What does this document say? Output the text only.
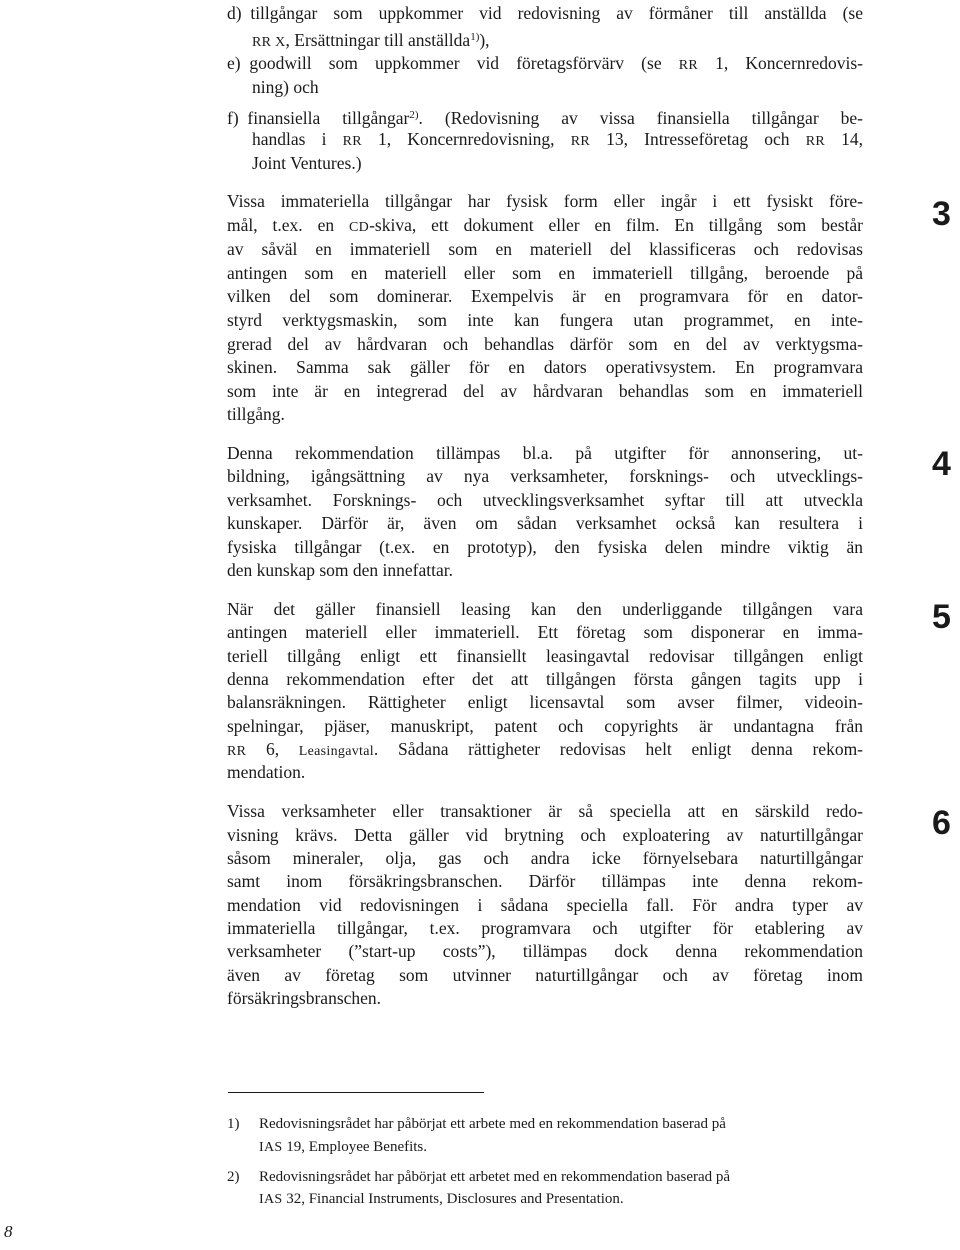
d) tillgångar som uppkommer vid redovisning av förmåner till anställda (se
RR X, Ersättningar till anställda$^{1)}$),
e) goodwill som uppkommer vid företagsförvärv (se RR 1, Koncernredovis-
ning) och
f) finansiella tillgångar$^{2)}$. (Redovisning av vissa finansiella tillgångar be-
handlas i RR 1, Koncernredovisning, RR 13, Intresseföretag och RR 14,
Joint Ventures.)
3
Vissa immateriella tillgångar har fysisk form eller ingår i ett fysiskt före-
mål, t.ex. en CD-skiva, ett dokument eller en film. En tillgång som består
av såväl en immateriell som en materiell del klassificeras och redovisas
antingen som en materiell eller som en immateriell tillgång, beroende på
vilken del som dominerar. Exempelvis är en programvara för en dator-
styrd verktygsmaskin, som inte kan fungera utan programmet, en inte-
grerad del av hårdvaran och behandlas därför som en del av verktygsma-
skinen. Samma sak gäller för en dators operativsystem. En programvara
som inte är en integrerad del av hårdvaran behandlas som en immateriell
tillgång.
4
Denna rekommendation tillämpas bl.a. på utgifter för annonsering, ut-
bildning, igångsättning av nya verksamheter, forsknings- och utvecklings-
verksamhet. Forsknings- och utvecklingsverksamhet syftar till att utveckla
kunskaper. Därför är, även om sådan verksamhet också kan resultera i
fysiska tillgångar (t.ex. en prototyp), den fysiska delen mindre viktig än
den kunskap som den innefattar.
5
När det gäller finansiell leasing kan den underliggande tillgången vara
antingen materiell eller immateriell. Ett företag som disponerar en imma-
teriell tillgång enligt ett finansiellt leasingavtal redovisar tillgången enligt
denna rekommendation efter det att tillgången första gången tagits upp i
balansräkningen. Rättigheter enligt licensavtal som avser filmer, videoin-
spelningar, pjäser, manuskript, patent och copyrights är undantagna från
RR 6, Leasingavtal. Sådana rättigheter redovisas helt enligt denna rekom-
mendation.
6
Vissa verksamheter eller transaktioner är så speciella att en särskild redo-
visning krävs. Detta gäller vid brytning och exploatering av naturtillgångar
såsom mineraler, olja, gas och andra icke förnyelsebara naturtillgångar
samt inom försäkringsbranschen. Därför tillämpas inte denna rekom-
mendation vid redovisningen i sådana speciella fall. För andra typer av
immateriella tillgångar, t.ex. programvara och utgifter för etablering av
verksamheter (”start-up costs”), tillämpas dock denna rekommendation
även av företag som utvinner naturtillgångar och av företag inom
försäkringsbranschen.
1) Redovisningsrådet har påbörjat ett arbete med en rekommendation baserad på
IAS 19, Employee Benefits.
2) Redovisningsrådet har påbörjat ett arbetet med en rekommendation baserad på
IAS 32, Financial Instruments, Disclosures and Presentation.
8
